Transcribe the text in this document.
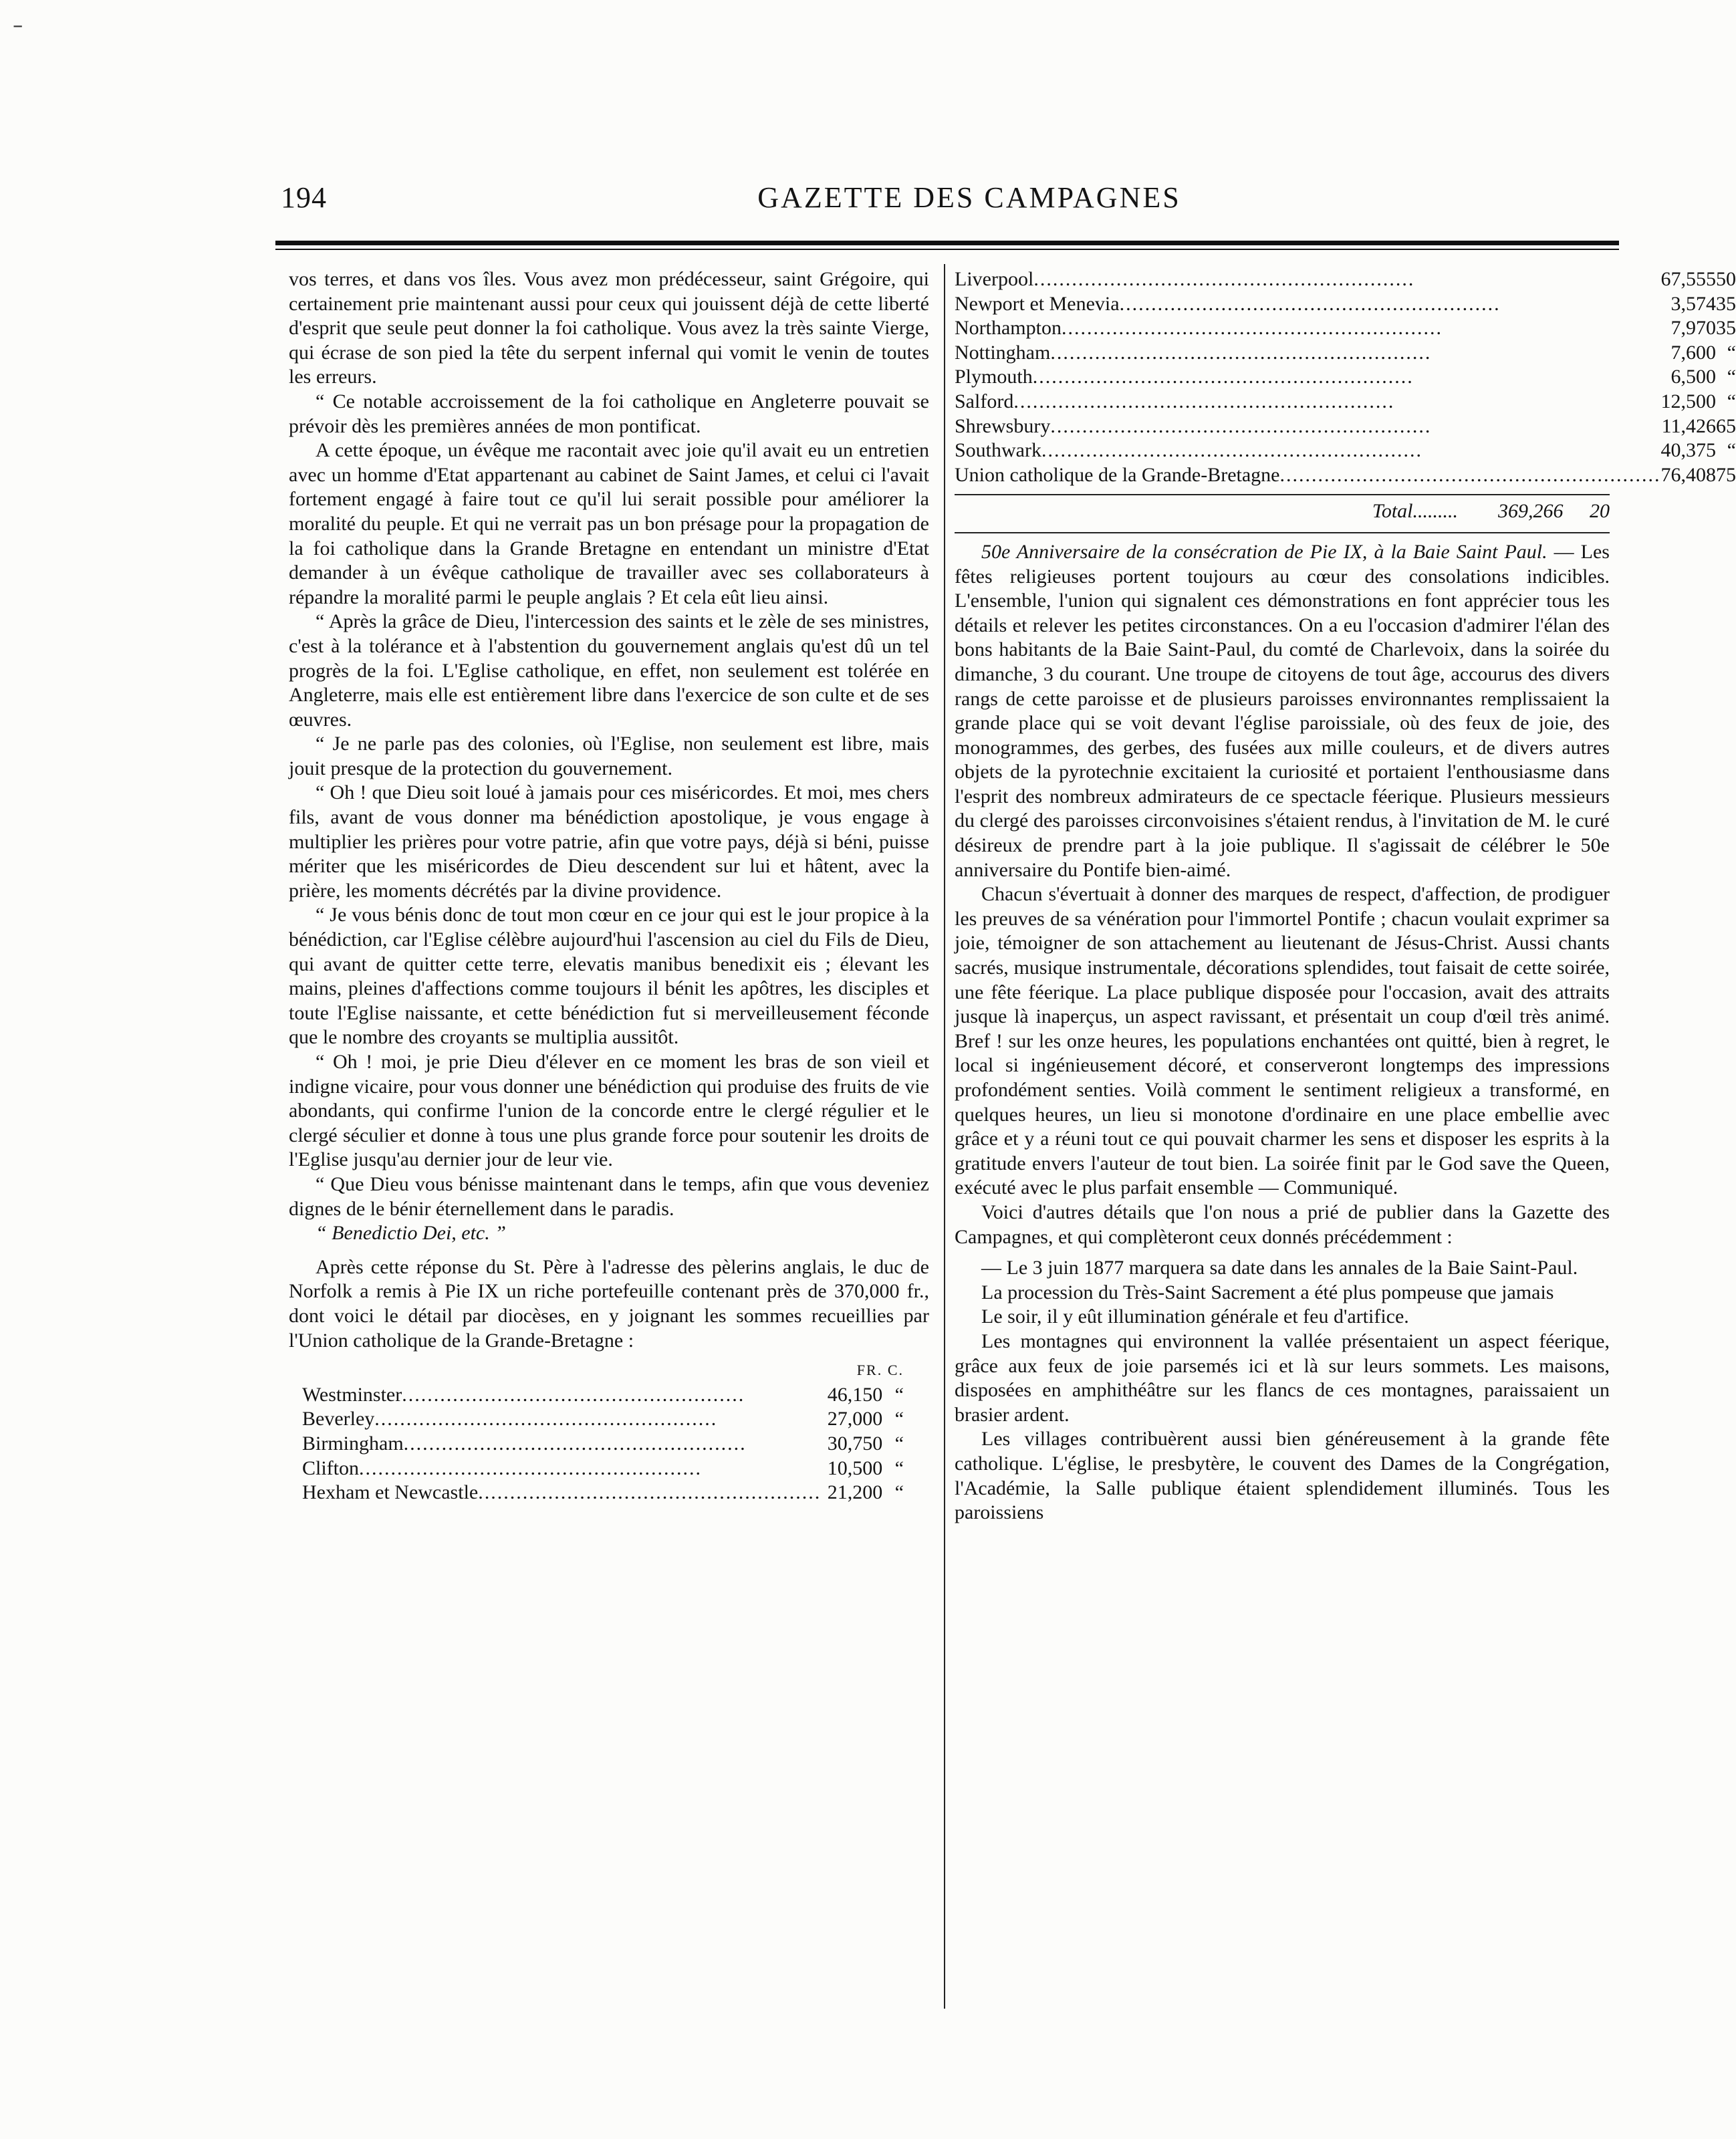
˗
194	GAZETTE DES CAMPAGNES

vos terres, et dans vos îles. Vous avez mon prédécesseur, saint Grégoire, qui certainement prie maintenant aussi pour ceux qui jouissent déjà de cette liberté d'esprit que seule peut donner la foi catholique. Vous avez la très sainte Vierge, qui écrase de son pied la tête du serpent infernal qui vomit le venin de toutes les erreurs.

“ Ce notable accroissement de la foi catholique en Angleterre pouvait se prévoir dès les premières années de mon pontificat.

A cette époque, un évêque me racontait avec joie qu'il avait eu un entretien avec un homme d'Etat appartenant au cabinet de Saint James, et celui ci l'avait fortement engagé à faire tout ce qu'il lui serait possible pour améliorer la moralité du peuple. Et qui ne verrait pas un bon présage pour la propagation de la foi catholique dans la Grande Bretagne en entendant un ministre d'Etat demander à un évêque catholique de travailler avec ses collaborateurs à répandre la moralité parmi le peuple anglais ? Et cela eût lieu ainsi.

“ Après la grâce de Dieu, l'intercession des saints et le zèle de ses ministres, c'est à la tolérance et à l'abstention du gouvernement anglais qu'est dû un tel progrès de la foi. L'Eglise catholique, en effet, non seulement est tolérée en Angleterre, mais elle est entièrement libre dans l'exercice de son culte et de ses œuvres.

“ Je ne parle pas des colonies, où l'Eglise, non seulement est libre, mais jouit presque de la protection du gouvernement.

“ Oh ! que Dieu soit loué à jamais pour ces miséricordes. Et moi, mes chers fils, avant de vous donner ma bénédiction apostolique, je vous engage à multiplier les prières pour votre patrie, afin que votre pays, déjà si béni, puisse mériter que les miséricordes de Dieu descendent sur lui et hâtent, avec la prière, les moments décrétés par la divine providence.

“ Je vous bénis donc de tout mon cœur en ce jour qui est le jour propice à la bénédiction, car l'Eglise célèbre aujourd'hui l'ascension au ciel du Fils de Dieu, qui avant de quitter cette terre, elevatis manibus benedixit eis ; élevant les mains, pleines d'affections comme toujours il bénit les apôtres, les disciples et toute l'Eglise naissante, et cette bénédiction fut si merveilleusement féconde que le nombre des croyants se multiplia aussitôt.

“ Oh ! moi, je prie Dieu d'élever en ce moment les bras de son vieil et indigne vicaire, pour vous donner une bénédiction qui produise des fruits de vie abondants, qui confirme l'union de la concorde entre le clergé régulier et le clergé séculier et donne à tous une plus grande force pour soutenir les droits de l'Eglise jusqu'au dernier jour de leur vie.

“ Que Dieu vous bénisse maintenant dans le temps, afin que vous deveniez dignes de le bénir éternellement dans le paradis.

“ Benedictio Dei, etc. ”

Après cette réponse du St. Père à l'adresse des pèlerins anglais, le duc de Norfolk a remis à Pie IX un riche portefeuille contenant près de 370,000 fr., dont voici le détail par diocèses, en y joignant les sommes recueillies par l'Union catholique de la Grande-Bretagne :

	FR.	C.
Westminster......................................................	46,150	“
Beverley......................................................	27,000	“
Birmingham......................................................	30,750	“
Clifton......................................................	10,500	“
Hexham et Newcastle......................................................	21,200	“
Liverpool............................................................	67,555	50
Newport et Menevia............................................................	3,574	35
Northampton............................................................	7,970	35
Nottingham............................................................	7,600	“
Plymouth............................................................	6,500	“
Salford............................................................	12,500	“
Shrewsbury............................................................	11,426	65
Southwark............................................................	40,375	“
Union catholique de la Grande-Bretagne............................................................	76,408	75
Total......... 369,266 20

50e Anniversaire de la consécration de Pie IX, à la Baie Saint Paul. — Les fêtes religieuses portent toujours au cœur des consolations indicibles. L'ensemble, l'union qui signalent ces démonstrations en font apprécier tous les détails et relever les petites circonstances. On a eu l'occasion d'admirer l'élan des bons habitants de la Baie Saint-Paul, du comté de Charlevoix, dans la soirée du dimanche, 3 du courant. Une troupe de citoyens de tout âge, accourus des divers rangs de cette paroisse et de plusieurs paroisses environnantes remplissaient la grande place qui se voit devant l'église paroissiale, où des feux de joie, des monogrammes, des gerbes, des fusées aux mille couleurs, et de divers autres objets de la pyrotechnie excitaient la curiosité et portaient l'enthousiasme dans l'esprit des nombreux admirateurs de ce spectacle féerique. Plusieurs messieurs du clergé des paroisses circonvoisines s'étaient rendus, à l'invitation de M. le curé désireux de prendre part à la joie publique. Il s'agissait de célébrer le 50e anniversaire du Pontife bien-aimé.

Chacun s'évertuait à donner des marques de respect, d'affection, de prodiguer les preuves de sa vénération pour l'immortel Pontife ; chacun voulait exprimer sa joie, témoigner de son attachement au lieutenant de Jésus-Christ. Aussi chants sacrés, musique instrumentale, décorations splendides, tout faisait de cette soirée, une fête féerique. La place publique disposée pour l'occasion, avait des attraits jusque là inaperçus, un aspect ravissant, et présentait un coup d'œil très animé. Bref ! sur les onze heures, les populations enchantées ont quitté, bien à regret, le local si ingénieusement décoré, et conserveront longtemps des impressions profondément senties. Voilà comment le sentiment religieux a transformé, en quelques heures, un lieu si monotone d'ordinaire en une place embellie avec grâce et y a réuni tout ce qui pouvait charmer les sens et disposer les esprits à la gratitude envers l'auteur de tout bien. La soirée finit par le God save the Queen, exécuté avec le plus parfait ensemble — Communiqué.

Voici d'autres détails que l'on nous a prié de publier dans la Gazette des Campagnes, et qui complèteront ceux donnés précédemment :

— Le 3 juin 1877 marquera sa date dans les annales de la Baie Saint-Paul.

La procession du Très-Saint Sacrement a été plus pompeuse que jamais

Le soir, il y eût illumination générale et feu d'artifice.

Les montagnes qui environnent la vallée présentaient un aspect féerique, grâce aux feux de joie parsemés ici et là sur leurs sommets. Les maisons, disposées en amphithéâtre sur les flancs de ces montagnes, paraissaient un brasier ardent.

Les villages contribuèrent aussi bien généreusement à la grande fête catholique. L'église, le presbytère, le couvent des Dames de la Congrégation, l'Académie, la Salle publique étaient splendidement illuminés. Tous les paroissiens
